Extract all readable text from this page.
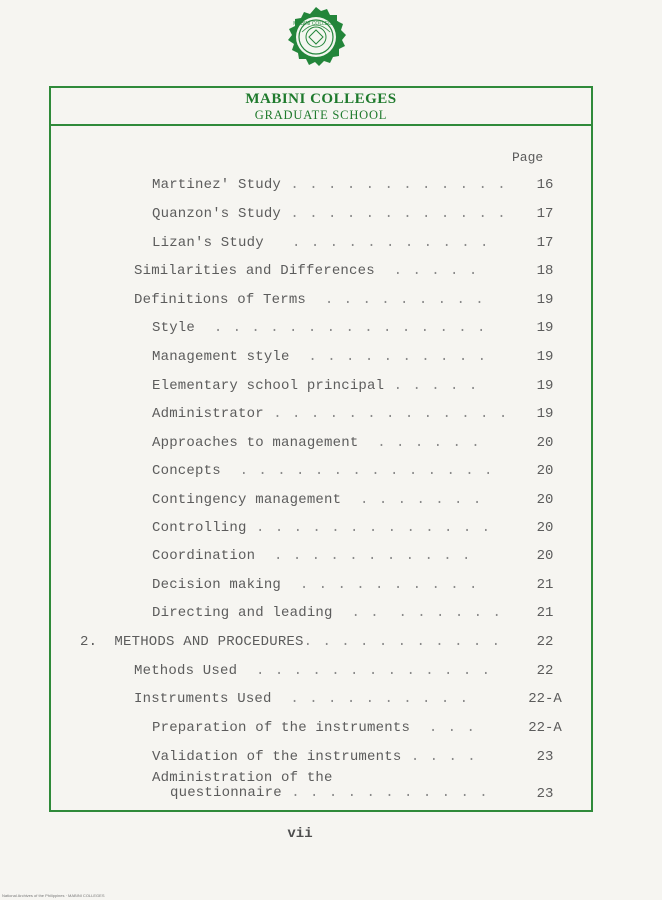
MABINI COLLEGES
MABINI COLLEGES
GRADUATE SCHOOL
Page
Martinez' Study . . . . . . . . . . . .	16
Quanzon's Study . . . . . . . . . . . .	17
Lizan's Study   . . . . . . . . . . .	17
Similarities and Differences  . . . . .	18
Definitions of Terms  . . . . . . . . .	19
Style  . . . . . . . . . . . . . . .	19
Management style  . . . . . . . . . .	19
Elementary school principal . . . . .	19
Administrator . . . . . . . . . . . . .	19
Approaches to management  . . . . . .	20
Concepts  . . . . . . . . . . . . . .	20
Contingency management  . . . . . . .	20
Controlling . . . . . . . . . . . . .	20
Coordination  . . . . . . . . . . .	20
Decision making  . . . . . . . . . .	21
Directing and leading  . .  . . . . . .	21
2.  METHODS AND PROCEDURES. . . . . . . . . . .	22
Methods Used  . . . . . . . . . . . . .	22
Instruments Used  . . . . . . . . . .	22-A
Preparation of the instruments  . . .	22-A
Validation of the instruments . . . .	23
Administration of the
questionnaire . . . . . . . . . . .	23
vii
National Archives of the Philippines · MABINI COLLEGES
